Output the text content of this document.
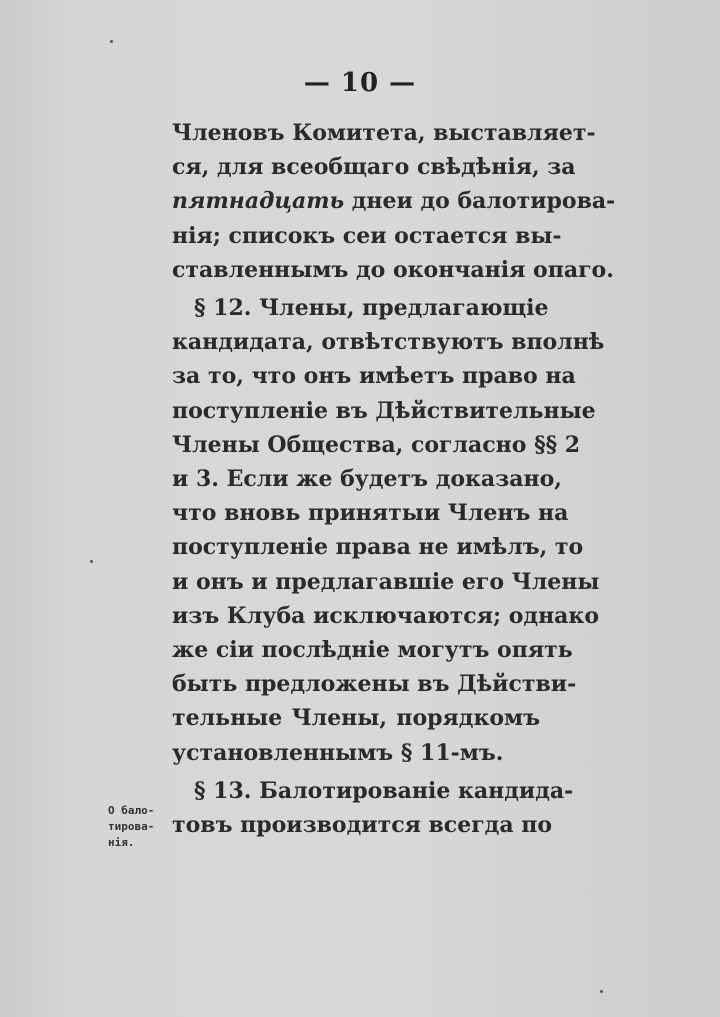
— 10 —
Членовъ Комитета, выставляет-
ся, для всеобщаго свѣдѣнія, за
пятнадцать днеи до балотирова-
нія; списокъ сеи остается вы-
ставленнымъ до окончанія опаго.
§ 12. Члены, предлагающіе
кандидата, отвѣтствуютъ вполнѣ
за то, что онъ имѣетъ право на
поступленіе въ Дѣйствительные
Члены Общества, согласно §§ 2
и 3. Если же будетъ доказано,
что вновь принятыи Членъ на
поступленіе права не имѣлъ, то
и онъ и предлагавшіе его Члены
изъ Клуба исключаются; однако
же сіи послѣдніе могутъ опять
быть предложены въ Дѣйстви-
тельные Члены, порядкомъ
установленнымъ § 11-мъ.
§ 13. Балотированіе кандида-
товъ производится всегда по
О бало-
тирова-
нія.
